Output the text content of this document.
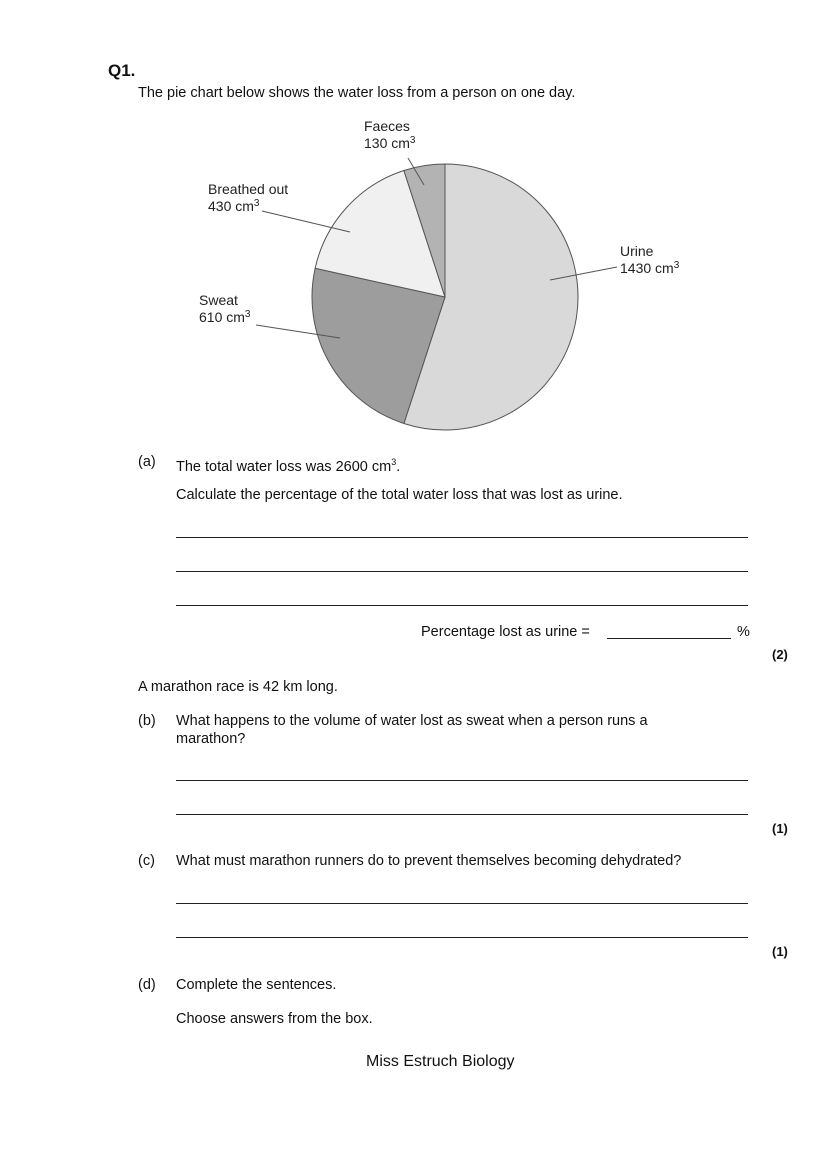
Q1.
The pie chart below shows the water loss from a person on one day.
Faeces
130 $cm^3$
Breathed out
430 $cm^3$
Urine
1430 $cm^3$
Sweat
610 $cm^3$
(a) The total water loss was 2600 $cm^3$.
Calculate the percentage of the total water loss that was lost as urine.
Percentage lost as urine =	%
(2)
A marathon race is 42 km long.
(b) What happens to the volume of water lost as sweat when a person runs a
marathon?
(1)
(c) What must marathon runners do to prevent themselves becoming dehydrated?
(1)
(d) Complete the sentences.
Choose answers from the box.
Miss Estruch Biology
